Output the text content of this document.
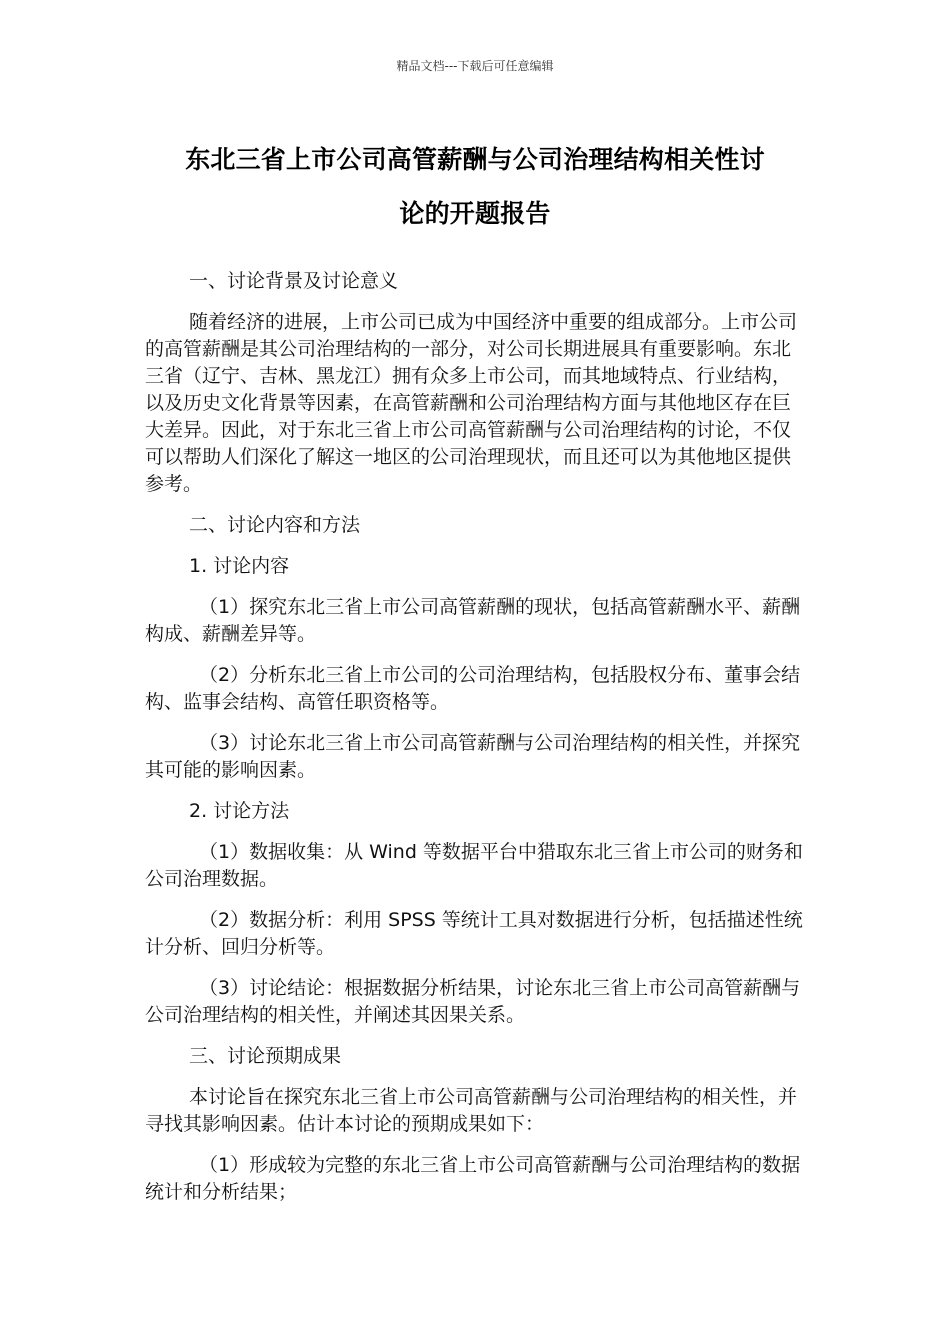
精品文档---下载后可任意编辑
东北三省上市公司高管薪酬与公司治理结构相关性讨
论的开题报告

一、讨论背景及讨论意义

随着经济的进展，上市公司已成为中国经济中重要的组成部分。上市公司的高管薪酬是其公司治理结构的一部分，对公司长期进展具有重要影响。东北三省（辽宁、吉林、黑龙江）拥有众多上市公司，而其地域特点、行业结构，以及历史文化背景等因素，在高管薪酬和公司治理结构方面与其他地区存在巨大差异。因此，对于东北三省上市公司高管薪酬与公司治理结构的讨论，不仅可以帮助人们深化了解这一地区的公司治理现状，而且还可以为其他地区提供参考。

二、讨论内容和方法

1. 讨论内容

（1）探究东北三省上市公司高管薪酬的现状，包括高管薪酬水平、薪酬构成、薪酬差异等。

（2）分析东北三省上市公司的公司治理结构，包括股权分布、董事会结构、监事会结构、高管任职资格等。

（3）讨论东北三省上市公司高管薪酬与公司治理结构的相关性，并探究其可能的影响因素。

2. 讨论方法

（1）数据收集：从 Wind 等数据平台中猎取东北三省上市公司的财务和公司治理数据。

（2）数据分析：利用 SPSS 等统计工具对数据进行分析，包括描述性统计分析、回归分析等。

（3）讨论结论：根据数据分析结果，讨论东北三省上市公司高管薪酬与公司治理结构的相关性，并阐述其因果关系。

三、讨论预期成果

本讨论旨在探究东北三省上市公司高管薪酬与公司治理结构的相关性，并寻找其影响因素。估计本讨论的预期成果如下：

（1）形成较为完整的东北三省上市公司高管薪酬与公司治理结构的数据统计和分析结果；
